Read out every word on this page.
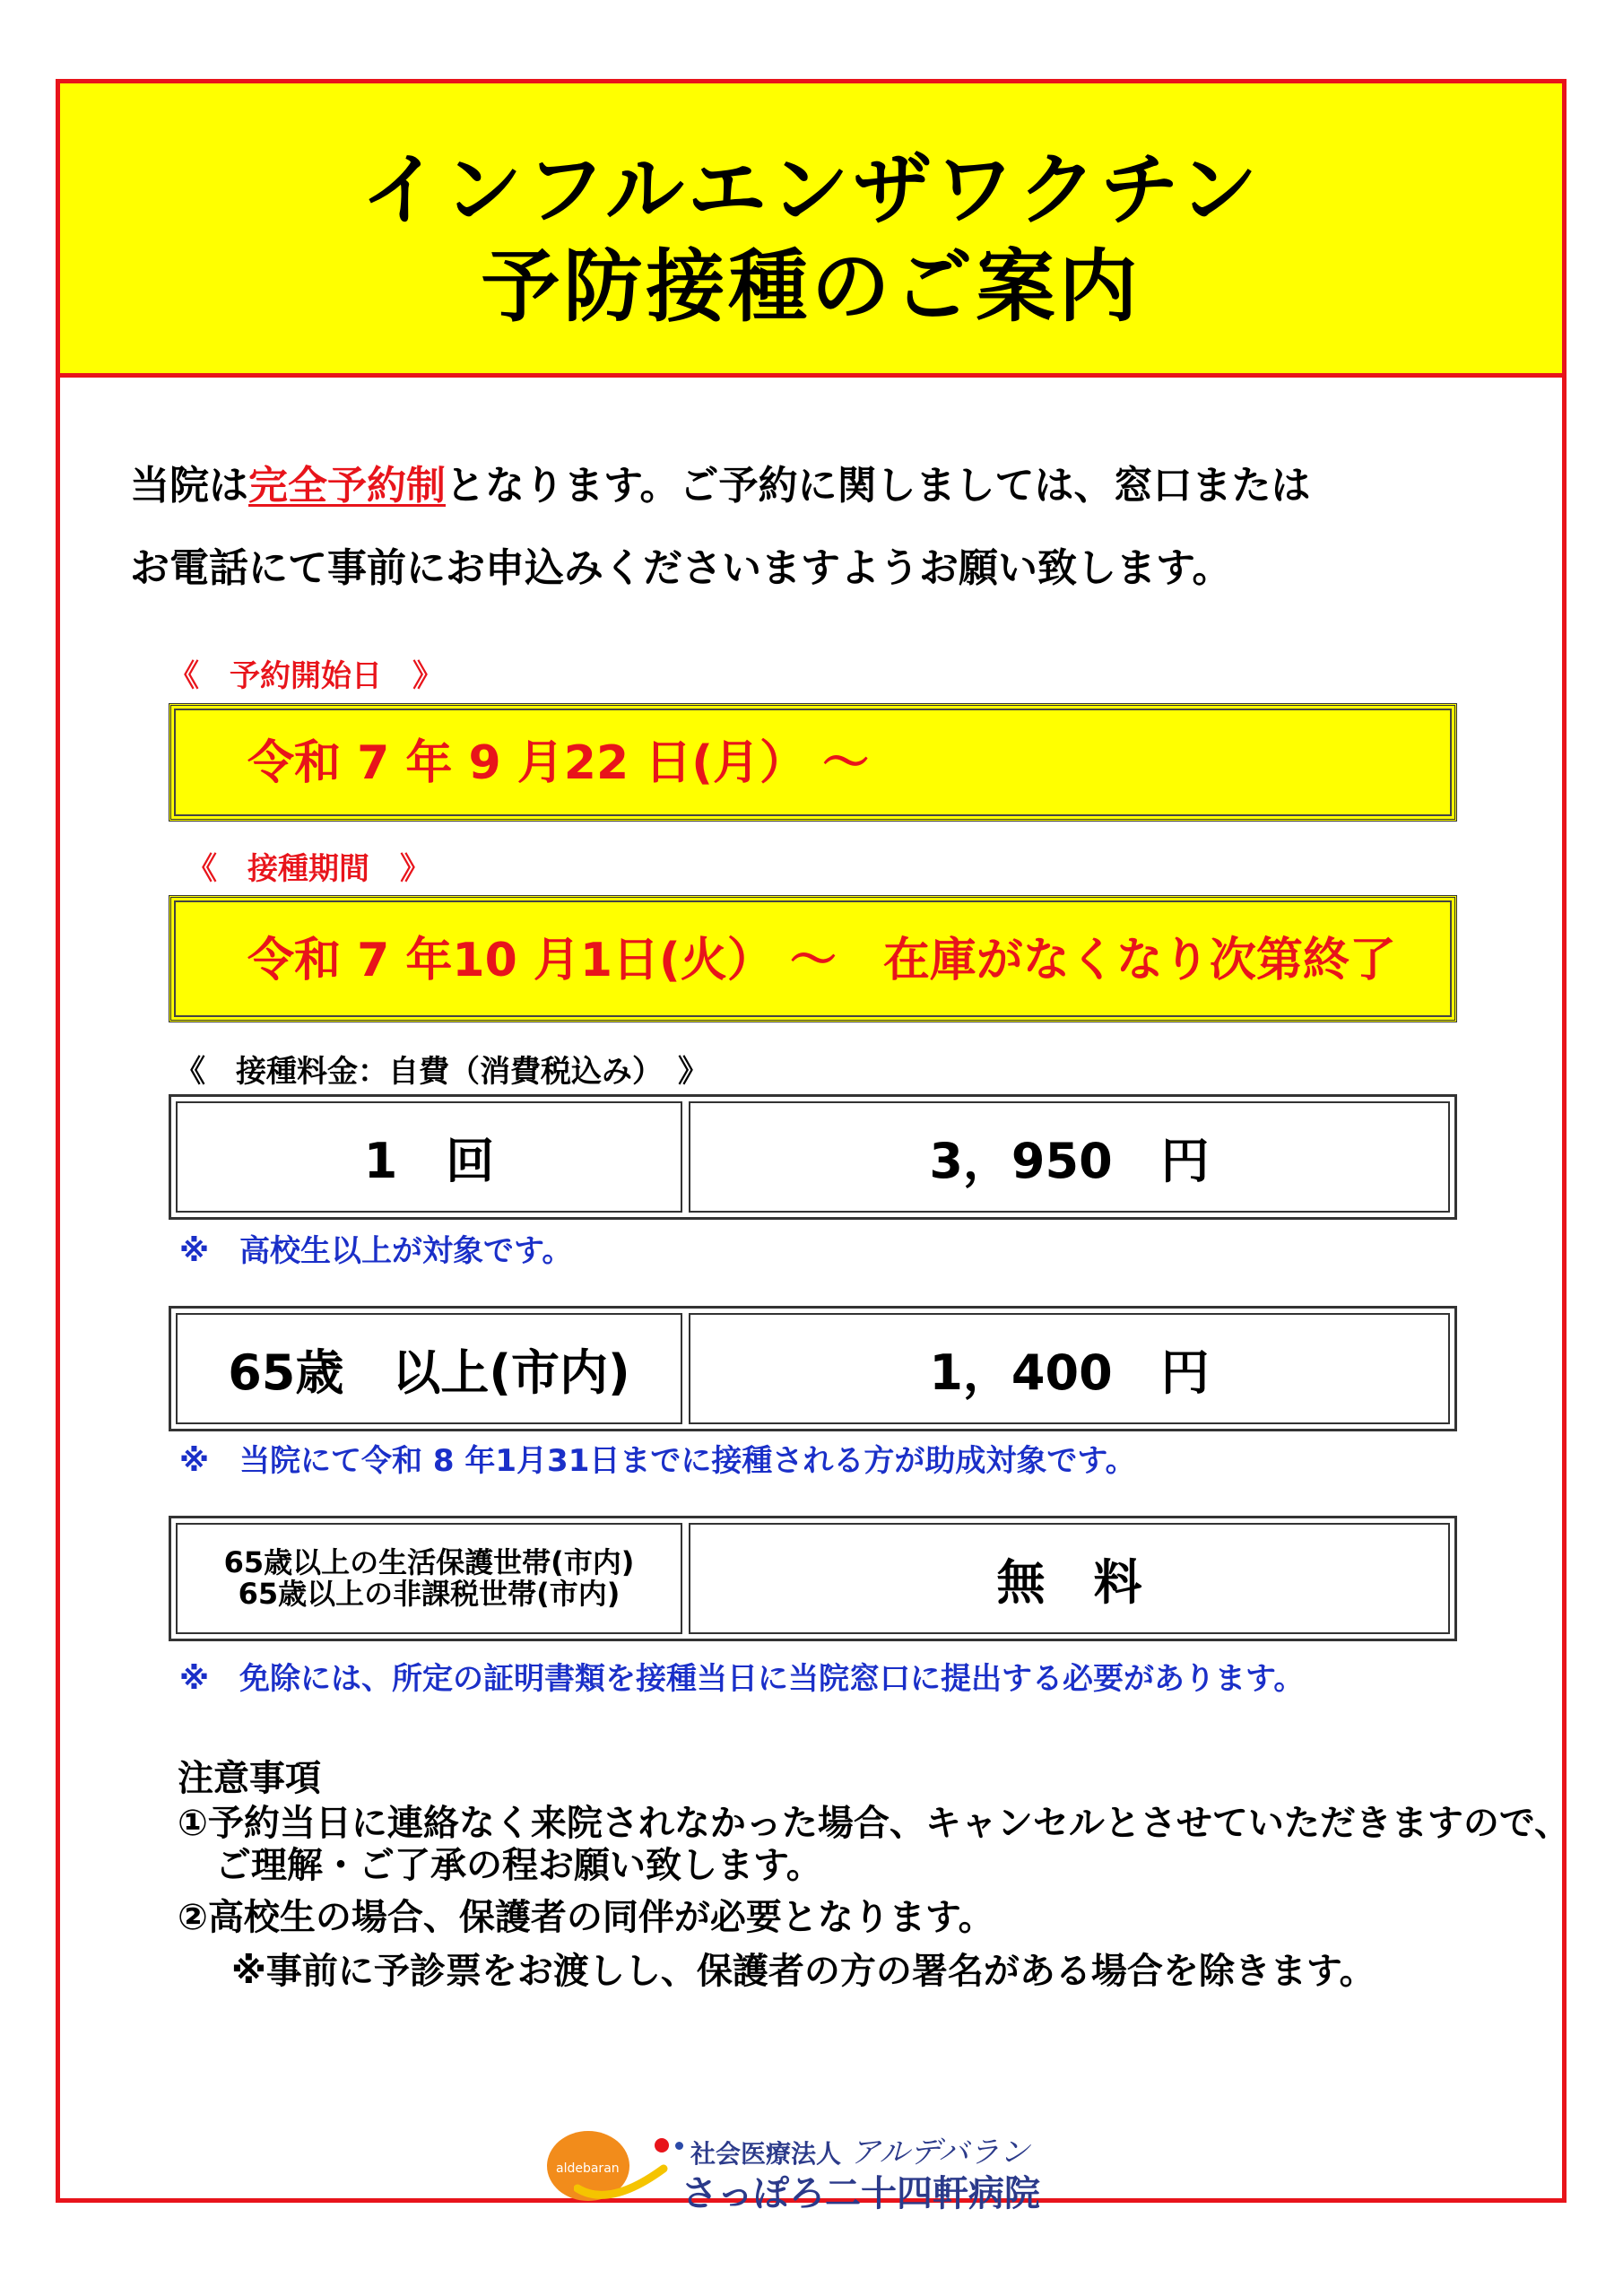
インフルエンザワクチン
予防接種のご案内
当院は完全予約制となります。ご予約に関しましては、窓口または
お電話にて事前にお申込みくださいますようお願い致します。
《　予約開始日　》
令和 7 年 9 月22 日(月） ～
《　接種期間　》
令和 7 年10 月1日(火） ～　在庫がなくなり次第終了
《　接種料金：自費（消費税込み）　》
1　回	3，950　円
※　高校生以上が対象です。
65歳　以上(市内)	1，400　円
※　当院にて令和 8 年1月31日までに接種される方が助成対象です。
65歳以上の生活保護世帯(市内)
65歳以上の非課税世帯(市内)	無　料
※　免除には、所定の証明書類を接種当日に当院窓口に提出する必要があります。
注意事項
①予約当日に連絡なく来院されなかった場合、キャンセルとさせていただきますので、
ご理解・ご了承の程お願い致します。
②高校生の場合、保護者の同伴が必要となります。
※事前に予診票をお渡しし、保護者の方の署名がある場合を除きます。
aldebaran	社会医療法人 アルデバラン
さっぽろ二十四軒病院
